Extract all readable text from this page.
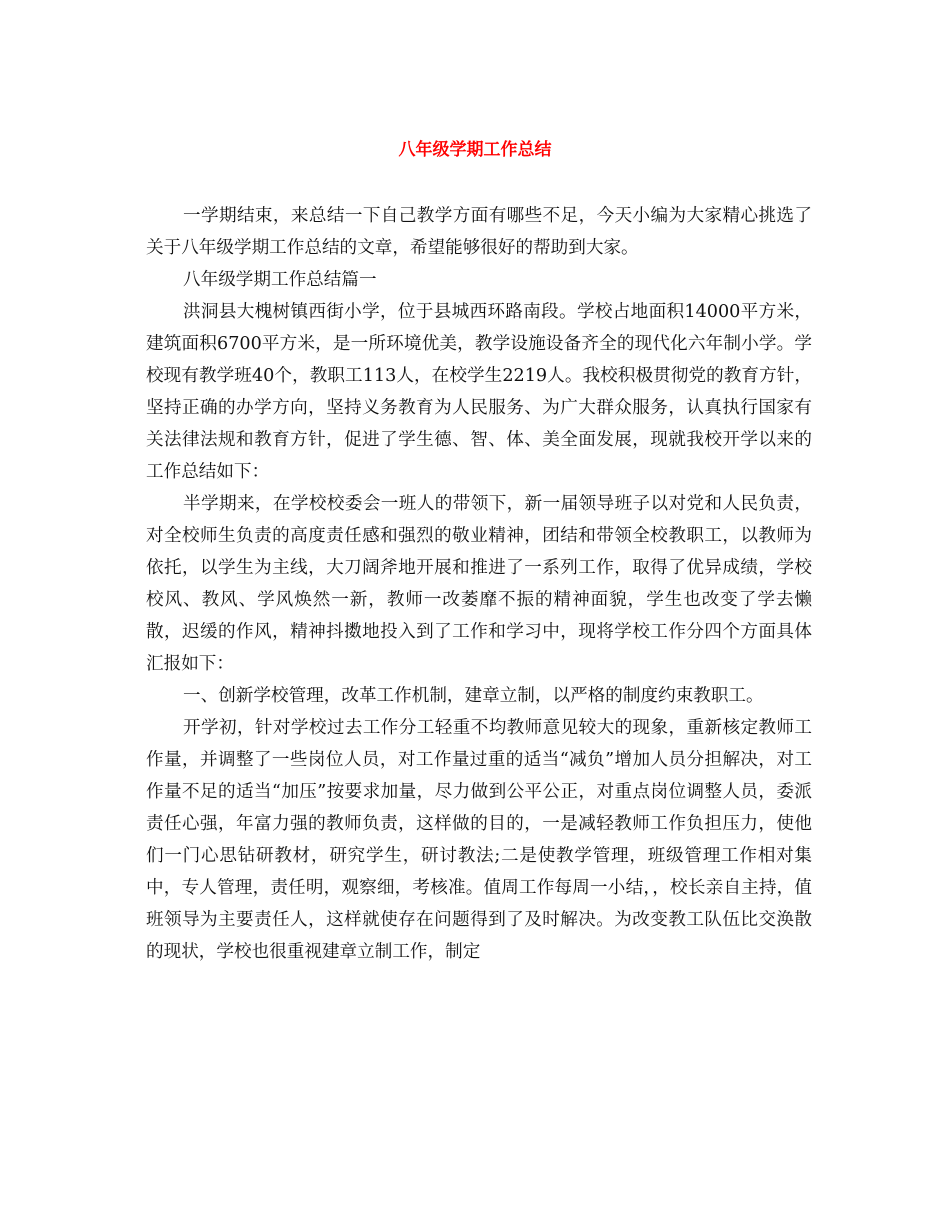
八年级学期工作总结

一学期结束，来总结一下自己教学方面有哪些不足，今天小编为大家精心挑选了关于八年级学期工作总结的文章，希望能够很好的帮助到大家。

八年级学期工作总结篇一

洪洞县大槐树镇西街小学，位于县城西环路南段。学校占地面积14000平方米，建筑面积6700平方米，是一所环境优美，教学设施设备齐全的现代化六年制小学。学校现有教学班40个，教职工113人，在校学生2219人。我校积极贯彻党的教育方针，坚持正确的办学方向，坚持义务教育为人民服务、为广大群众服务，认真执行国家有关法律法规和教育方针，促进了学生德、智、体、美全面发展，现就我校开学以来的工作总结如下：

半学期来，在学校校委会一班人的带领下，新一届领导班子以对党和人民负责，对全校师生负责的高度责任感和强烈的敬业精神，团结和带领全校教职工，以教师为依托，以学生为主线，大刀阔斧地开展和推进了一系列工作，取得了优异成绩，学校校风、教风、学风焕然一新，教师一改萎靡不振的精神面貌，学生也改变了学去懒散，迟缓的作风，精神抖擞地投入到了工作和学习中，现将学校工作分四个方面具体汇报如下：

一、创新学校管理，改革工作机制，建章立制，以严格的制度约束教职工。

开学初，针对学校过去工作分工轻重不均教师意见较大的现象，重新核定教师工作量，并调整了一些岗位人员，对工作量过重的适当“减负”增加人员分担解决，对工作量不足的适当“加压”按要求加量，尽力做到公平公正，对重点岗位调整人员，委派责任心强，年富力强的教师负责，这样做的目的，一是减轻教师工作负担压力，使他们一门心思钻研教材，研究学生，研讨教法;二是使教学管理，班级管理工作相对集中，专人管理，责任明，观察细，考核准。值周工作每周一小结，，校长亲自主持，值班领导为主要责任人，这样就使存在问题得到了及时解决。为改变教工队伍比交涣散的现状，学校也很重视建章立制工作，制定
